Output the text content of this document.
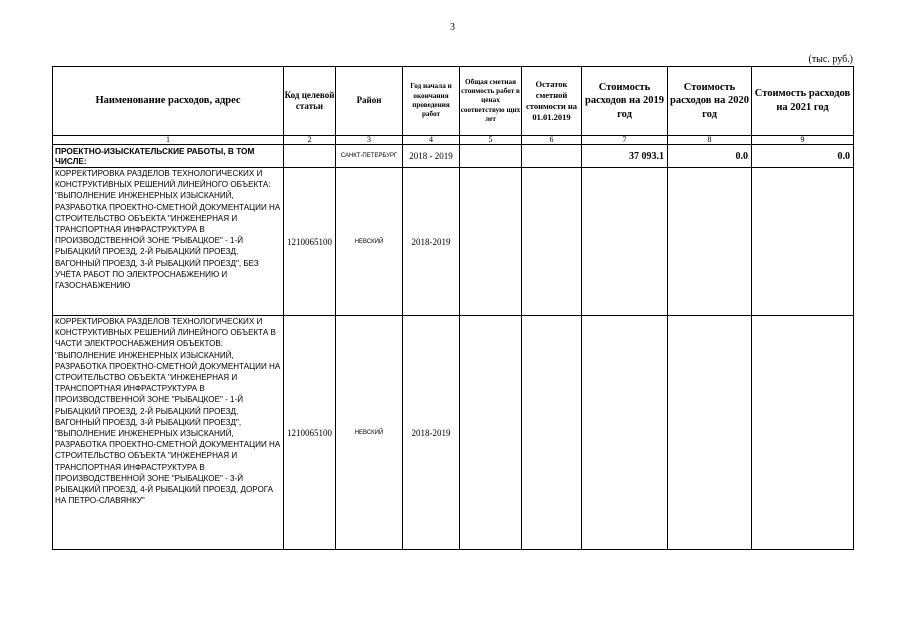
3
(тыс. руб.)
Наименование расходов, адрес	Код целевой статьи	Район	Год начала и окончания проведения работ	Общая сметная стоимость работ в ценах соответствую щих лет	Остаток сметной стоимости на 01.01.2019	Стоимость расходов на 2019 год	Стоимость расходов на 2020 год	Стоимость расходов на 2021 год
1	2	3	4	5	6	7	8	9
ПРОЕКТНО-ИЗЫСКАТЕЛЬСКИЕ РАБОТЫ, В ТОМ ЧИСЛЕ:		САНКТ-ПЕТЕРБУРГ	2018 - 2019			37 093.1	0.0	0.0
КОРРЕКТИРОВКА РАЗДЕЛОВ ТЕХНОЛОГИЧЕСКИХ И КОНСТРУКТИВНЫХ РЕШЕНИЙ ЛИНЕЙНОГО ОБЪЕКТА: "ВЫПОЛНЕНИЕ ИНЖЕНЕРНЫХ ИЗЫСКАНИЙ, РАЗРАБОТКА ПРОЕКТНО-СМЕТНОЙ ДОКУМЕНТАЦИИ НА СТРОИТЕЛЬСТВО ОБЪЕКТА "ИНЖЕНЕРНАЯ И ТРАНСПОРТНАЯ ИНФРАСТРУКТУРА В ПРОИЗВОДСТВЕННОЙ ЗОНЕ "РЫБАЦКОЕ" - 1-Й РЫБАЦКИЙ ПРОЕЗД, 2-Й РЫБАЦКИЙ ПРОЕЗД, ВАГОННЫЙ ПРОЕЗД, 3-Й РЫБАЦКИЙ ПРОЕЗД", БЕЗ УЧЁТА РАБОТ ПО ЭЛЕКТРОСНАБЖЕНИЮ И ГАЗОСНАБЖЕНИЮ	1210065100	НЕВСКИЙ	2018-2019					
КОРРЕКТИРОВКА РАЗДЕЛОВ ТЕХНОЛОГИЧЕСКИХ И КОНСТРУКТИВНЫХ РЕШЕНИЙ ЛИНЕЙНОГО ОБЪЕКТА В ЧАСТИ ЭЛЕКТРОСНАБЖЕНИЯ ОБЪЕКТОВ: "ВЫПОЛНЕНИЕ ИНЖЕНЕРНЫХ ИЗЫСКАНИЙ, РАЗРАБОТКА ПРОЕКТНО-СМЕТНОЙ ДОКУМЕНТАЦИИ НА СТРОИТЕЛЬСТВО ОБЪЕКТА "ИНЖЕНЕРНАЯ И ТРАНСПОРТНАЯ ИНФРАСТРУКТУРА В ПРОИЗВОДСТВЕННОЙ ЗОНЕ "РЫБАЦКОЕ" - 1-Й РЫБАЦКИЙ ПРОЕЗД, 2-Й РЫБАЦКИЙ ПРОЕЗД, ВАГОННЫЙ ПРОЕЗД, 3-Й РЫБАЦКИЙ ПРОЕЗД", "ВЫПОЛНЕНИЕ ИНЖЕНЕРНЫХ ИЗЫСКАНИЙ, РАЗРАБОТКА ПРОЕКТНО-СМЕТНОЙ ДОКУМЕНТАЦИИ НА СТРОИТЕЛЬСТВО ОБЪЕКТА "ИНЖЕНЕРНАЯ И ТРАНСПОРТНАЯ ИНФРАСТРУКТУРА В ПРОИЗВОДСТВЕННОЙ ЗОНЕ "РЫБАЦКОЕ" - 3-Й РЫБАЦКИЙ ПРОЕЗД, 4-Й РЫБАЦКИЙ ПРОЕЗД, ДОРОГА НА ПЕТРО-СЛАВЯНКУ"	1210065100	НЕВСКИЙ	2018-2019					
